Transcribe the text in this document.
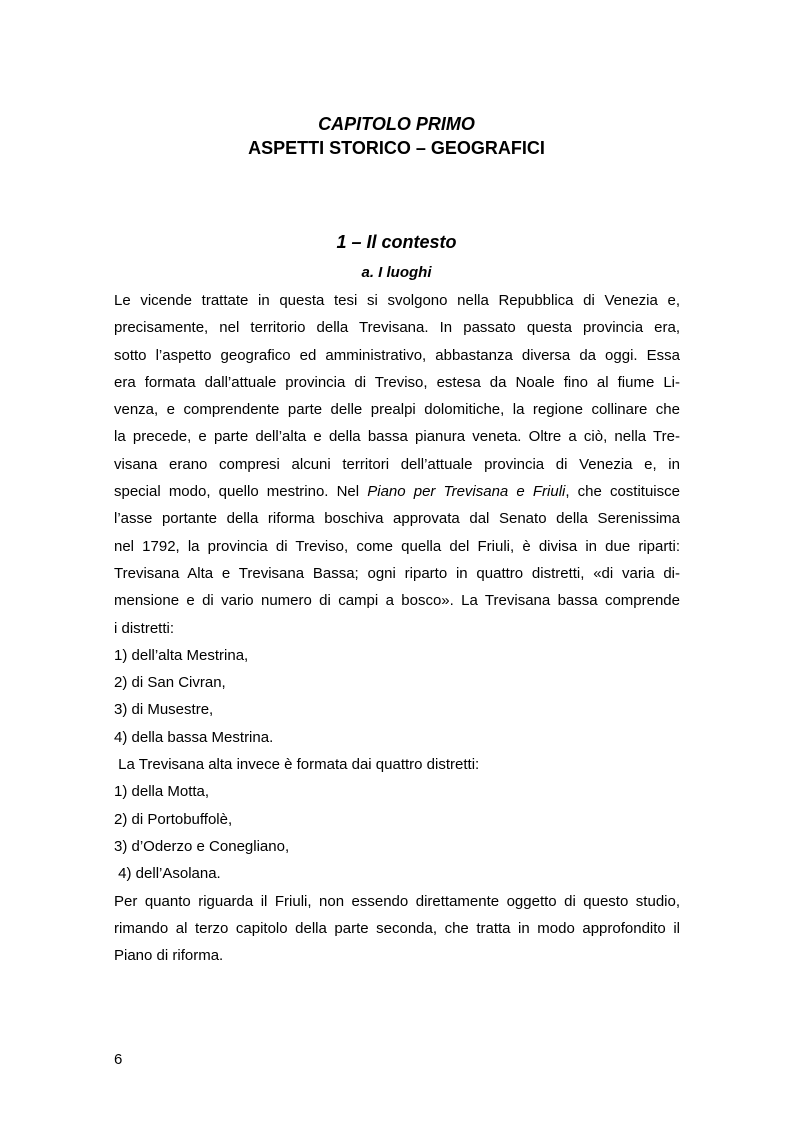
CAPITOLO PRIMO
ASPETTI STORICO – GEOGRAFICI
1 – Il contesto
a. I luoghi
Le vicende trattate in questa tesi si svolgono nella Repubblica di Venezia e,
precisamente, nel territorio della Trevisana. In passato questa provincia era,
sotto l’aspetto geografico ed amministrativo, abbastanza diversa da oggi. Essa
era formata dall’attuale provincia di Treviso, estesa da Noale fino al fiume Li-
venza, e comprendente parte delle prealpi dolomitiche, la regione collinare che
la precede, e parte dell’alta e della bassa pianura veneta. Oltre a ciò, nella Tre-
visana erano compresi alcuni territori dell’attuale provincia di Venezia e, in
special modo, quello mestrino. Nel Piano per Trevisana e Friuli, che costituisce
l’asse portante della riforma boschiva approvata dal Senato della Serenissima
nel 1792, la provincia di Treviso, come quella del Friuli, è divisa in due riparti:
Trevisana Alta e Trevisana Bassa; ogni riparto in quattro distretti, «di varia di-
mensione e di vario numero di campi a bosco». La Trevisana bassa comprende
i distretti:
1) dell’alta Mestrina,
2) di San Civran,
3) di Musestre,
4) della bassa Mestrina.
La Trevisana alta invece è formata dai quattro distretti:
1) della Motta,
2) di Portobuffolè,
3) d’Oderzo e Conegliano,
4) dell’Asolana.
Per quanto riguarda il Friuli, non essendo direttamente oggetto di questo studio,
rimando al terzo capitolo della parte seconda, che tratta in modo approfondito il
Piano di riforma.
6
